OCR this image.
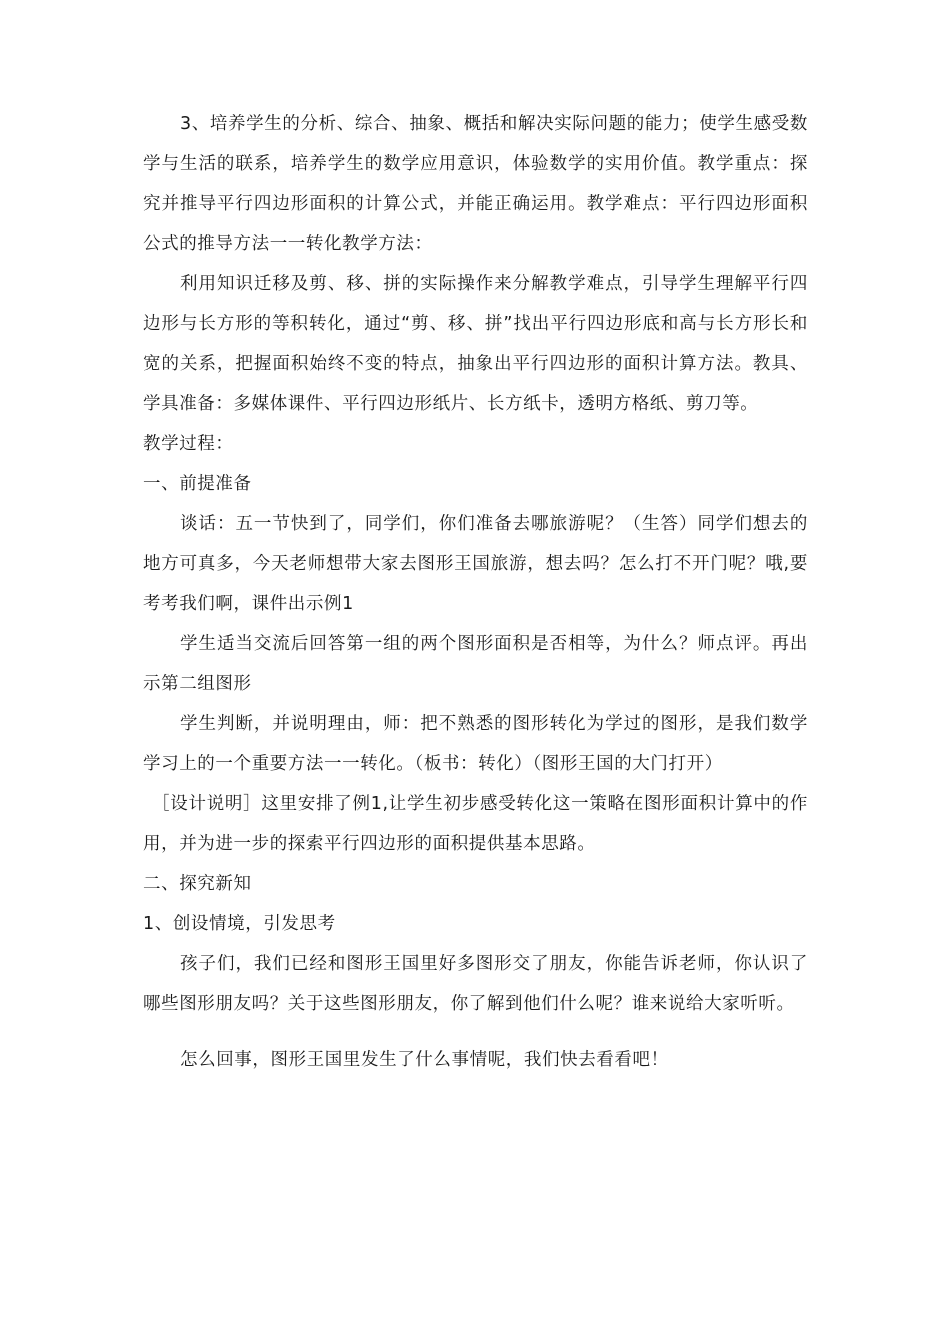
3、培养学生的分析、综合、抽象、概括和解决实际问题的能力；使学生感受数学与生活的联系，培养学生的数学应用意识，体验数学的实用价值。教学重点：探究并推导平行四边形面积的计算公式，并能正确运用。教学难点：平行四边形面积公式的推导方法一一转化教学方法：

利用知识迁移及剪、移、拼的实际操作来分解教学难点，引导学生理解平行四边形与长方形的等积转化，通过“剪、移、拼”找出平行四边形底和高与长方形长和宽的关系，把握面积始终不变的特点，抽象出平行四边形的面积计算方法。教具、学具准备：多媒体课件、平行四边形纸片、长方纸卡，透明方格纸、剪刀等。

教学过程：

一、前提准备

谈话：五一节快到了，同学们，你们准备去哪旅游呢？（生答）同学们想去的地方可真多，今天老师想带大家去图形王国旅游，想去吗？怎么打不开门呢？哦,要考考我们啊，课件出示例1

学生适当交流后回答第一组的两个图形面积是否相等，为什么？师点评。再出示第二组图形

学生判断，并说明理由，师：把不熟悉的图形转化为学过的图形，是我们数学学习上的一个重要方法一一转化。（板书：转化）（图形王国的大门打开）

［设计说明］这里安排了例1,让学生初步感受转化这一策略在图形面积计算中的作用，并为进一步的探索平行四边形的面积提供基本思路。

二、探究新知

1、创设情境，引发思考

孩子们，我们已经和图形王国里好多图形交了朋友，你能告诉老师，你认识了哪些图形朋友吗？关于这些图形朋友，你了解到他们什么呢？谁来说给大家听听。

怎么回事，图形王国里发生了什么事情呢，我们快去看看吧！
